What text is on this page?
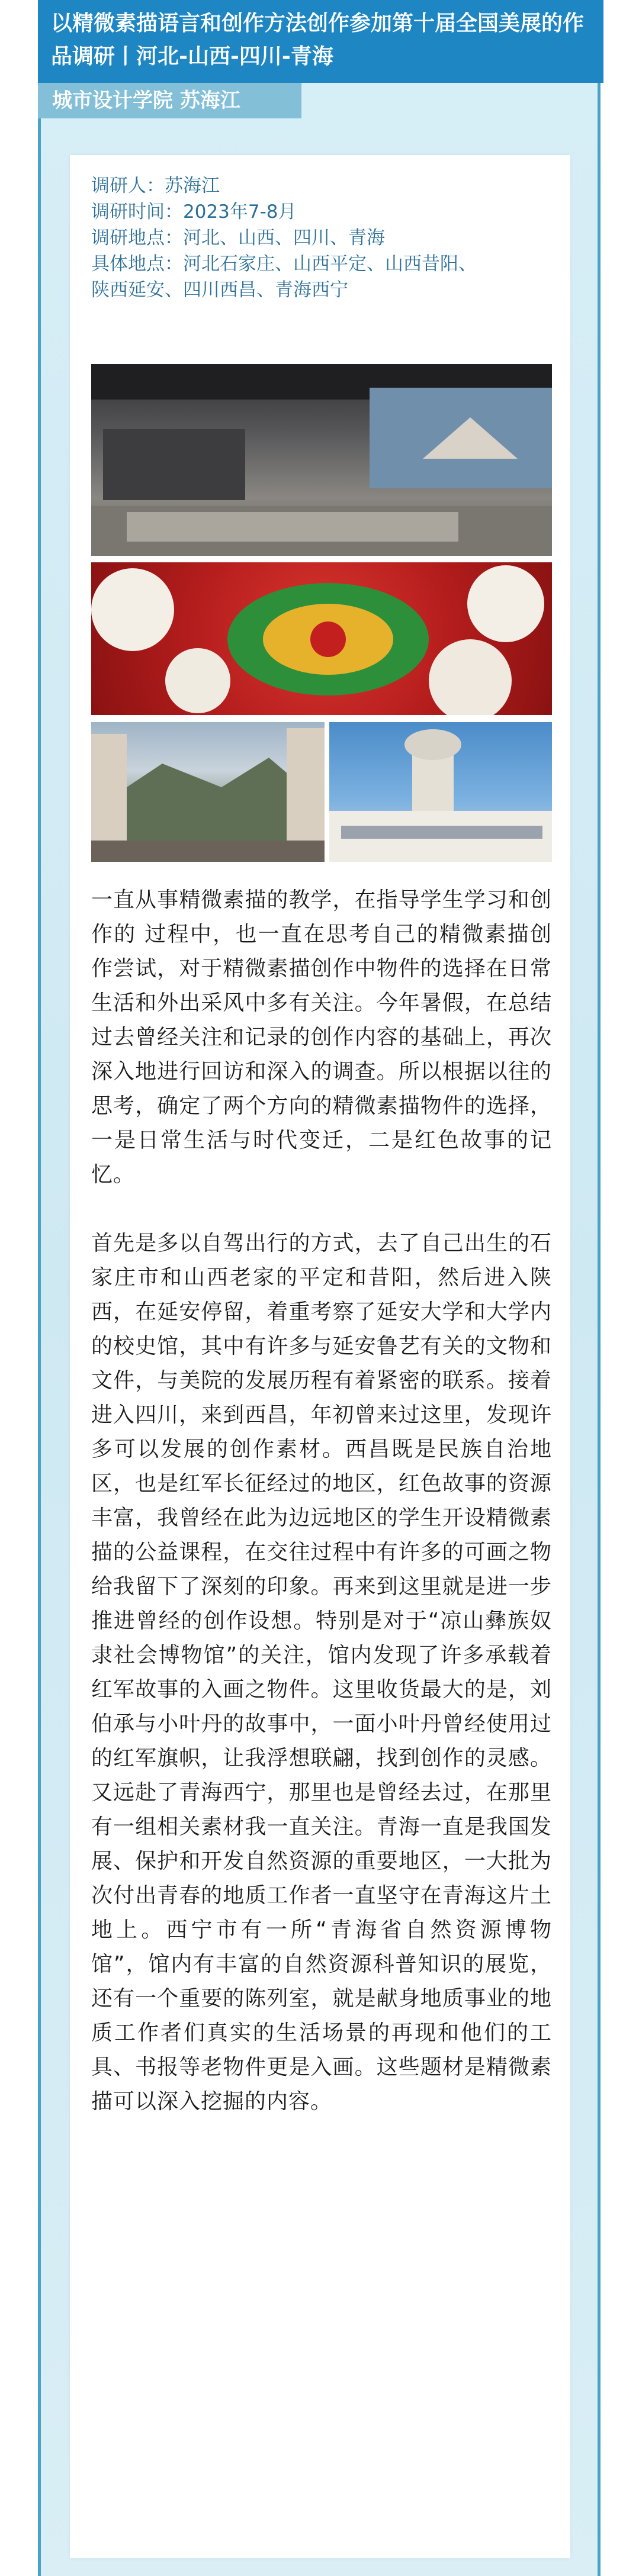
以精微素描语言和创作方法创作参加第十届全国美展的作品调研丨河北-山西-四川-青海
城市设计学院 苏海江
调研人：苏海江
调研时间：2023年7-8月
调研地点：河北、山西、四川、青海
具体地点：河北石家庄、山西平定、山西昔阳、
陕西延安、四川西昌、青海西宁

一直从事精微素描的教学，在指导学生学习和创作的 过程中，也一直在思考自己的精微素描创作尝试，对于精微素描创作中物件的选择在日常生活和外出采风中多有关注。今年暑假，在总结过去曾经关注和记录的创作内容的基础上，再次深入地进行回访和深入的调查。所以根据以往的思考，确定了两个方向的精微素描物件的选择，一是日常生活与时代变迁，二是红色故事的记忆。

首先是多以自驾出行的方式，去了自己出生的石家庄市和山西老家的平定和昔阳，然后进入陕西，在延安停留，着重考察了延安大学和大学内的校史馆，其中有许多与延安鲁艺有关的文物和文件，与美院的发展历程有着紧密的联系。接着进入四川，来到西昌，年初曾来过这里，发现许多可以发展的创作素材。西昌既是民族自治地区，也是红军长征经过的地区，红色故事的资源丰富，我曾经在此为边远地区的学生开设精微素描的公益课程，在交往过程中有许多的可画之物给我留下了深刻的印象。再来到这里就是进一步推进曾经的创作设想。特别是对于“凉山彝族奴隶社会博物馆”的关注，馆内发现了许多承载着红军故事的入画之物件。这里收货最大的是，刘伯承与小叶丹的故事中，一面小叶丹曾经使用过的红军旗帜，让我浮想联翩，找到创作的灵感。又远赴了青海西宁，那里也是曾经去过，在那里有一组相关素材我一直关注。青海一直是我国发展、保护和开发自然资源的重要地区，一大批为次付出青春的地质工作者一直坚守在青海这片土地上。西宁市有一所“青海省自然资源博物馆”，馆内有丰富的自然资源科普知识的展览，还有一个重要的陈列室，就是献身地质事业的地质工作者们真实的生活场景的再现和他们的工具、书报等老物件更是入画。这些题材是精微素描可以深入挖掘的内容。
